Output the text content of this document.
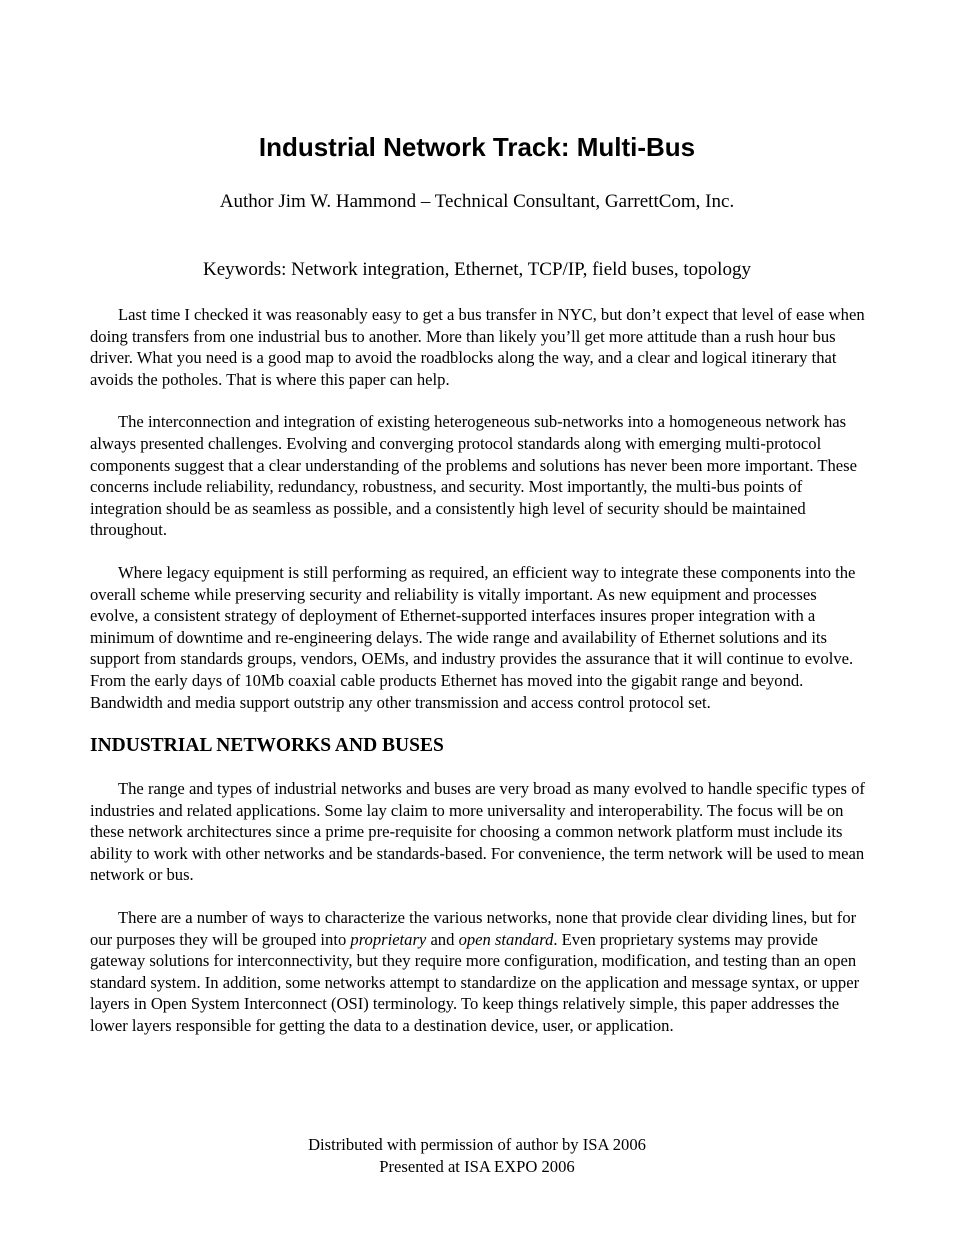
Industrial Network Track: Multi-Bus

Author Jim W. Hammond – Technical Consultant, GarrettCom, Inc.

Keywords: Network integration, Ethernet, TCP/IP, field buses, topology

Last time I checked it was reasonably easy to get a bus transfer in NYC, but don’t expect that level of ease when doing transfers from one industrial bus to another. More than likely you’ll get more attitude than a rush hour bus driver. What you need is a good map to avoid the roadblocks along the way, and a clear and logical itinerary that avoids the potholes. That is where this paper can help.

The interconnection and integration of existing heterogeneous sub-networks into a homogeneous network has always presented challenges. Evolving and converging protocol standards along with emerging multi-protocol components suggest that a clear understanding of the problems and solutions has never been more important. These concerns include reliability, redundancy, robustness, and security. Most importantly, the multi-bus points of integration should be as seamless as possible, and a consistently high level of security should be maintained throughout.

Where legacy equipment is still performing as required, an efficient way to integrate these components into the overall scheme while preserving security and reliability is vitally important. As new equipment and processes evolve, a consistent strategy of deployment of Ethernet-supported interfaces insures proper integration with a minimum of downtime and re-engineering delays. The wide range and availability of Ethernet solutions and its support from standards groups, vendors, OEMs, and industry provides the assurance that it will continue to evolve. From the early days of 10Mb coaxial cable products Ethernet has moved into the gigabit range and beyond. Bandwidth and media support outstrip any other transmission and access control protocol set.

INDUSTRIAL NETWORKS AND BUSES

The range and types of industrial networks and buses are very broad as many evolved to handle specific types of industries and related applications. Some lay claim to more universality and interoperability. The focus will be on these network architectures since a prime pre-requisite for choosing a common network platform must include its ability to work with other networks and be standards-based. For convenience, the term network will be used to mean network or bus.

There are a number of ways to characterize the various networks, none that provide clear dividing lines, but for our purposes they will be grouped into proprietary and open standard. Even proprietary systems may provide gateway solutions for interconnectivity, but they require more configuration, modification, and testing than an open standard system. In addition, some networks attempt to standardize on the application and message syntax, or upper layers in Open System Interconnect (OSI) terminology. To keep things relatively simple, this paper addresses the lower layers responsible for getting the data to a destination device, user, or application.

Distributed with permission of author by ISA 2006
Presented at ISA EXPO 2006
